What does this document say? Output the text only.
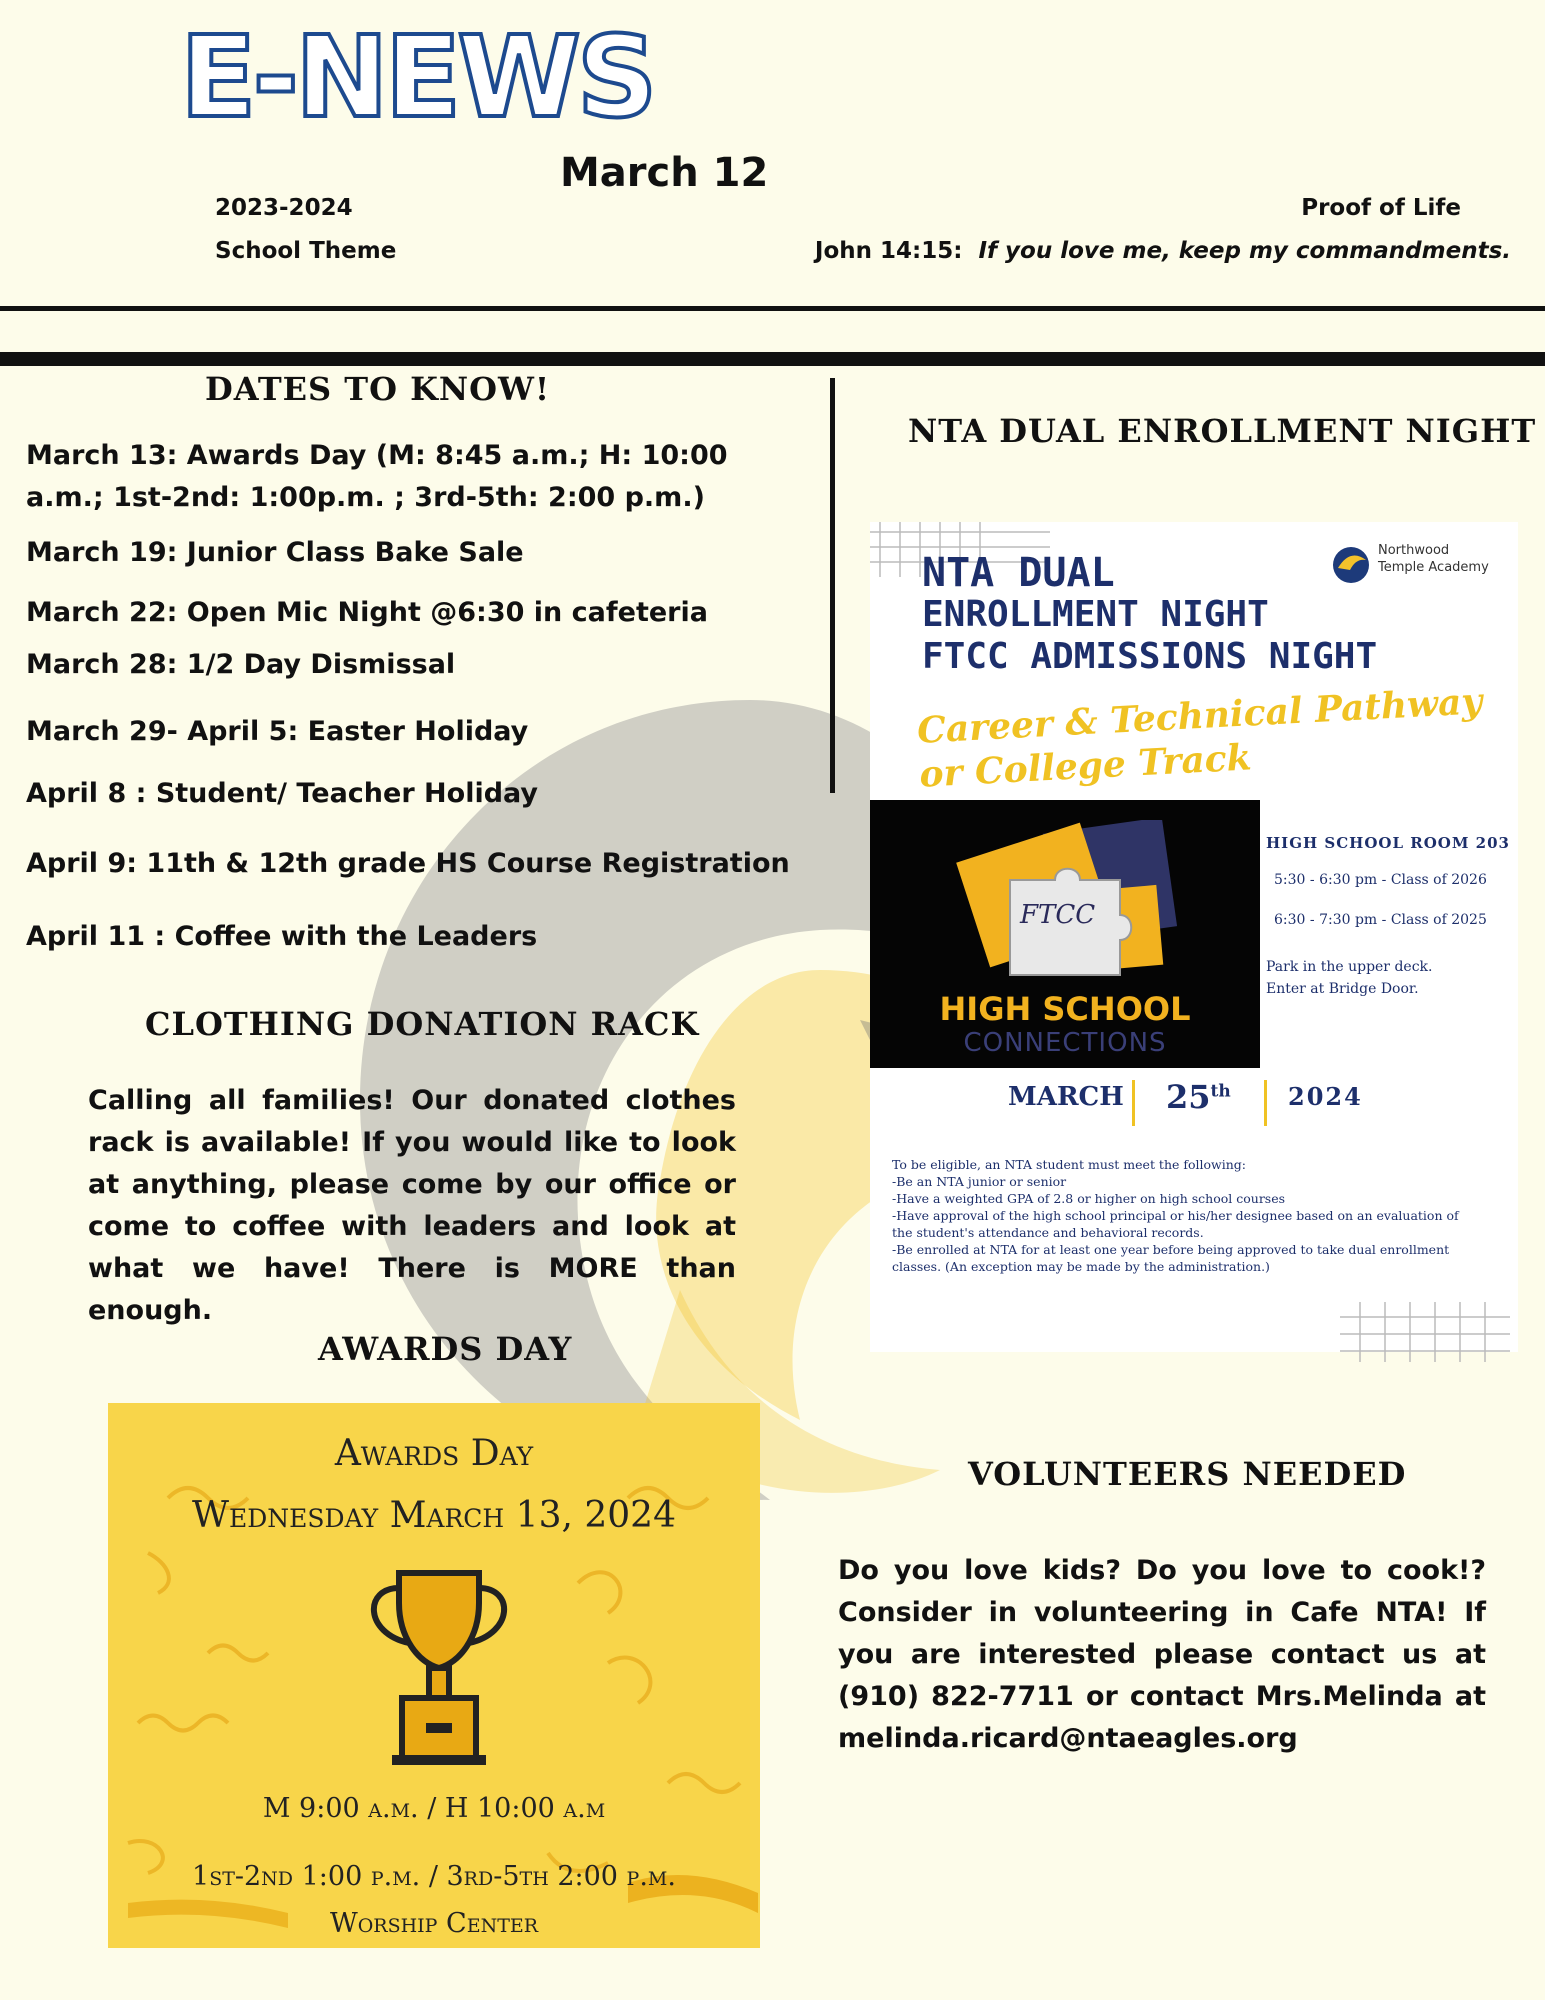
E-NEWS
March 12
2023-2024
School Theme
Proof of Life
John 14:15: If you love me, keep my commandments.
DATES TO KNOW!
March 13: Awards Day (M: 8:45 a.m.; H: 10:00 a.m.; 1st-2nd: 1:00p.m. ; 3rd-5th: 2:00 p.m.)
March 19: Junior Class Bake Sale
March 22: Open Mic Night @6:30 in cafeteria
March 28: 1/2 Day Dismissal
March 29- April 5: Easter Holiday
April 8 : Student/ Teacher Holiday
April 9: 11th & 12th grade HS Course Registration
April 11 : Coffee with the Leaders
CLOTHING DONATION RACK
Calling all families! Our donated clothes rack is available! If you would like to look at anything, please come by our office or come to coffee with leaders and look at what we have! There is MORE than enough.
AWARDS DAY
Awards Day
Wednesday March 13, 2024
M 9:00 a.m. / H 10:00 a.m
1st-2nd 1:00 p.m. / 3rd-5th 2:00 p.m.
Worship Center
NTA DUAL ENROLLMENT NIGHT
Northwood
Temple Academy
NTA DUAL
ENROLLMENT NIGHT
FTCC ADMISSIONS NIGHT
Career & Technical Pathway
or College Track
FTCC
HIGH SCHOOL
CONNECTIONS
HIGH SCHOOL ROOM 203
5:30 - 6:30 pm - Class of 2026
6:30 - 7:30 pm - Class of 2025
Park in the upper deck.
Enter at Bridge Door.
MARCH 25th 2024
To be eligible, an NTA student must meet the following:
-Be an NTA junior or senior
-Have a weighted GPA of 2.8 or higher on high school courses
-Have approval of the high school principal or his/her designee based on an evaluation of the student's attendance and behavioral records.
-Be enrolled at NTA for at least one year before being approved to take dual enrollment classes. (An exception may be made by the administration.)
VOLUNTEERS NEEDED
Do you love kids? Do you love to cook!? Consider in volunteering in Cafe NTA! If you are interested please contact us at (910) 822-7711 or contact Mrs.Melinda at melinda.ricard@ntaeagles.org
